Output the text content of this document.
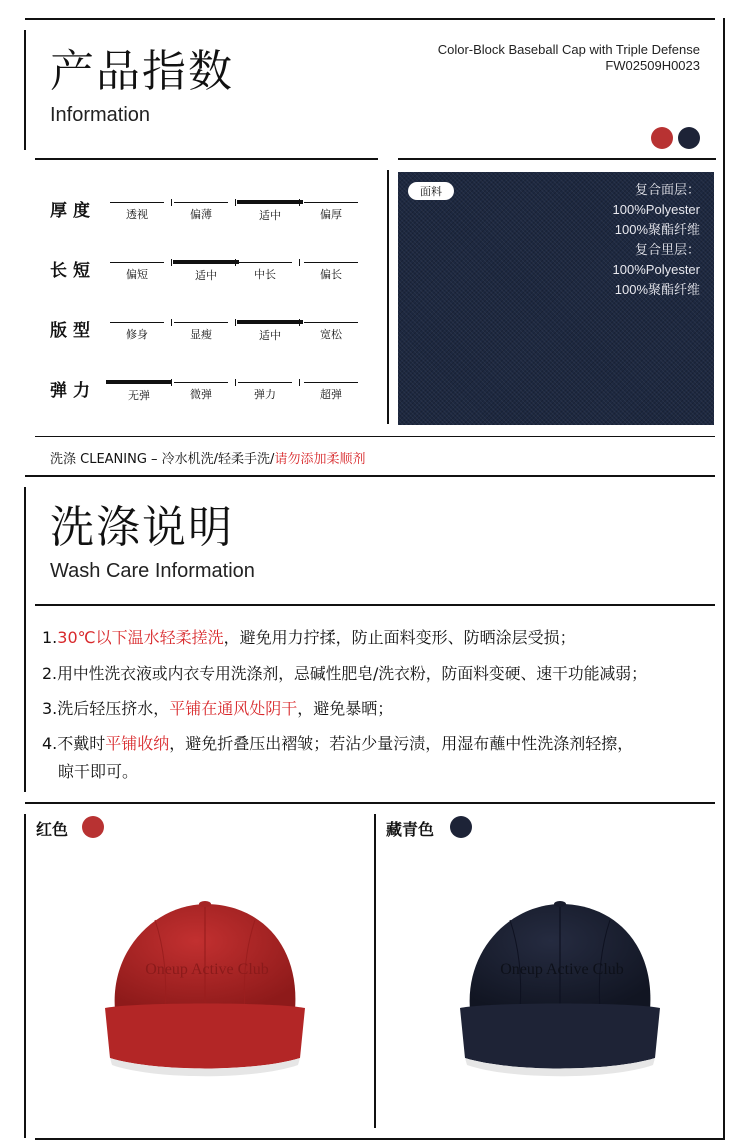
产品指数
Information
Color-Block Baseball Cap with Triple Defense
FW02509H0023
厚度	透视	偏薄	适中	偏厚
长短	偏短	适中	中长	偏长
版型	修身	显瘦	适中	宽松
弹力	无弹	微弹	弹力	超弹
面料	复合面层：
100%Polyester
100%聚酯纤维
复合里层：
100%Polyester
100%聚酯纤维
洗涤 CLEANING – 冷水机洗/轻柔手洗/请勿添加柔顺剂
洗涤说明
Wash Care Information
1.30℃以下温水轻柔搓洗，避免用力拧揉，防止面料变形、防晒涂层受损；
2.用中性洗衣液或内衣专用洗涤剂，忌碱性肥皂/洗衣粉，防面料变硬、速干功能减弱；
3.洗后轻压挤水，平铺在通风处阴干，避免暴晒；
4.不戴时平铺收纳，避免折叠压出褶皱；若沾少量污渍，用湿布蘸中性洗涤剂轻擦，
晾干即可。
红色
Oneup Active Club
藏青色
Oneup Active Club
